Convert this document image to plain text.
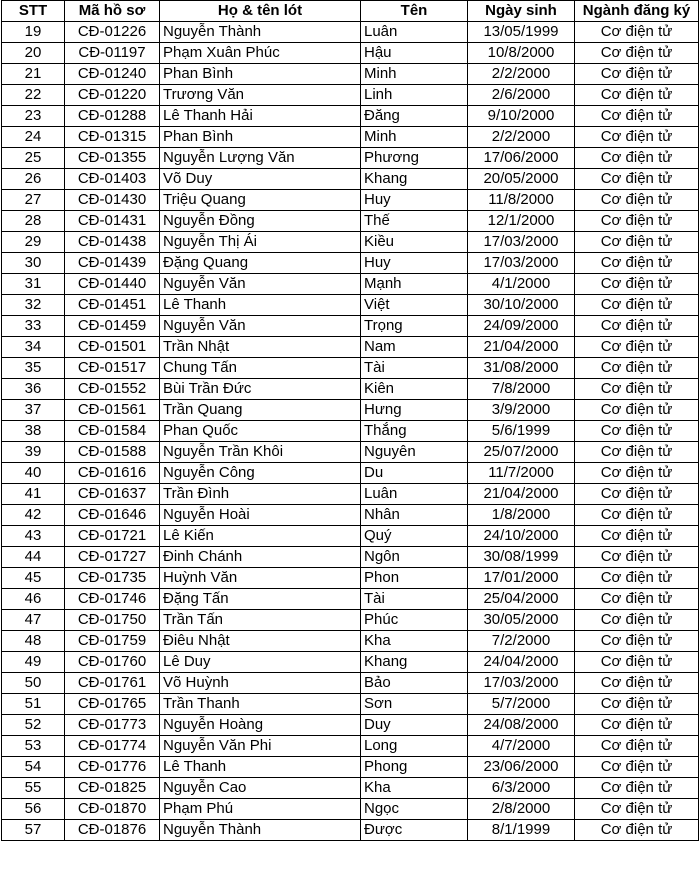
STT	Mã hồ sơ	Họ & tên lót	Tên	Ngày sinh	Ngành đăng ký
19	CĐ-01226	Nguyễn Thành	Luân	13/05/1999	Cơ điện tử
20	CĐ-01197	Phạm Xuân Phúc	Hậu	10/8/2000	Cơ điện tử
21	CĐ-01240	Phan Bình	Minh	2/2/2000	Cơ điện tử
22	CĐ-01220	Trương Văn	Linh	2/6/2000	Cơ điện tử
23	CĐ-01288	Lê Thanh Hải	Đăng	9/10/2000	Cơ điện tử
24	CĐ-01315	Phan Bình	Minh	2/2/2000	Cơ điện tử
25	CĐ-01355	Nguyễn Lượng Văn	Phương	17/06/2000	Cơ điện tử
26	CĐ-01403	Võ Duy	Khang	20/05/2000	Cơ điện tử
27	CĐ-01430	Triệu Quang	Huy	11/8/2000	Cơ điện tử
28	CĐ-01431	Nguyễn Đồng	Thế	12/1/2000	Cơ điện tử
29	CĐ-01438	Nguyễn Thị Ái	Kiều	17/03/2000	Cơ điện tử
30	CĐ-01439	Đặng Quang	Huy	17/03/2000	Cơ điện tử
31	CĐ-01440	Nguyễn Văn	Mạnh	4/1/2000	Cơ điện tử
32	CĐ-01451	Lê Thanh	Việt	30/10/2000	Cơ điện tử
33	CĐ-01459	Nguyễn Văn	Trọng	24/09/2000	Cơ điện tử
34	CĐ-01501	Trần Nhật	Nam	21/04/2000	Cơ điện tử
35	CĐ-01517	Chung Tấn	Tài	31/08/2000	Cơ điện tử
36	CĐ-01552	Bùi Trần Đức	Kiên	7/8/2000	Cơ điện tử
37	CĐ-01561	Trần Quang	Hưng	3/9/2000	Cơ điện tử
38	CĐ-01584	Phan Quốc	Thắng	5/6/1999	Cơ điện tử
39	CĐ-01588	Nguyễn Trần Khôi	Nguyên	25/07/2000	Cơ điện tử
40	CĐ-01616	Nguyễn Công	Du	11/7/2000	Cơ điện tử
41	CĐ-01637	Trần Đình	Luân	21/04/2000	Cơ điện tử
42	CĐ-01646	Nguyễn Hoài	Nhân	1/8/2000	Cơ điện tử
43	CĐ-01721	Lê Kiến	Quý	24/10/2000	Cơ điện tử
44	CĐ-01727	Đinh Chánh	Ngôn	30/08/1999	Cơ điện tử
45	CĐ-01735	Huỳnh Văn	Phon	17/01/2000	Cơ điện tử
46	CĐ-01746	Đặng Tấn	Tài	25/04/2000	Cơ điện tử
47	CĐ-01750	Trần Tấn	Phúc	30/05/2000	Cơ điện tử
48	CĐ-01759	Điêu Nhật	Kha	7/2/2000	Cơ điện tử
49	CĐ-01760	Lê Duy	Khang	24/04/2000	Cơ điện tử
50	CĐ-01761	Võ Huỳnh	Bảo	17/03/2000	Cơ điện tử
51	CĐ-01765	Trần Thanh	Sơn	5/7/2000	Cơ điện tử
52	CĐ-01773	Nguyễn Hoàng	Duy	24/08/2000	Cơ điện tử
53	CĐ-01774	Nguyễn Văn Phi	Long	4/7/2000	Cơ điện tử
54	CĐ-01776	Lê Thanh	Phong	23/06/2000	Cơ điện tử
55	CĐ-01825	Nguyễn Cao	Kha	6/3/2000	Cơ điện tử
56	CĐ-01870	Phạm Phú	Ngọc	2/8/2000	Cơ điện tử
57	CĐ-01876	Nguyễn Thành	Được	8/1/1999	Cơ điện tử
